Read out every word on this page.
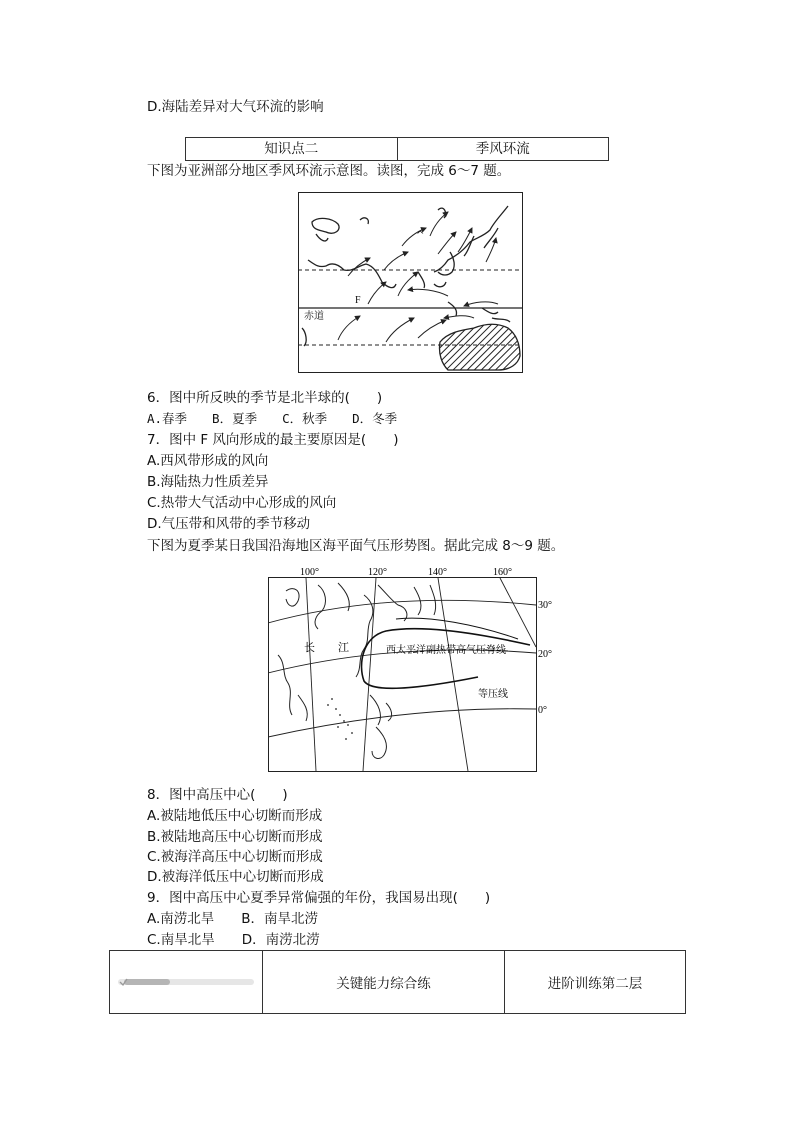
D.海陆差异对大气环流的影响
知识点二	季风环流
下图为亚洲部分地区季风环流示意图。读图，完成 6～7 题。
F
赤道
^
6．图中所反映的季节是北半球的(　　)
A.春季　　B．夏季　　C．秋季　　D．冬季
7．图中 F 风向形成的最主要原因是(　　)
A.西风带形成的风向
B.海陆热力性质差异
C.热带大气活动中心形成的风向
D.气压带和风带的季节移动
下图为夏季某日我国沿海地区海平面气压形势图。据此完成 8～9 题。
100°	120°	140°	160°
30°
20°
0°
长 江	西太平洋副热带高气压脊线
等压线
8．图中高压中心(　　)
A.被陆地低压中心切断而形成
B.被陆地高压中心切断而形成
C.被海洋高压中心切断而形成
D.被海洋低压中心切断而形成
9．图中高压中心夏季异常偏强的年份，我国易出现(　　)
A.南涝北旱　　B．南旱北涝
C.南旱北旱　　D．南涝北涝
关键能力综合练	进阶训练第二层
